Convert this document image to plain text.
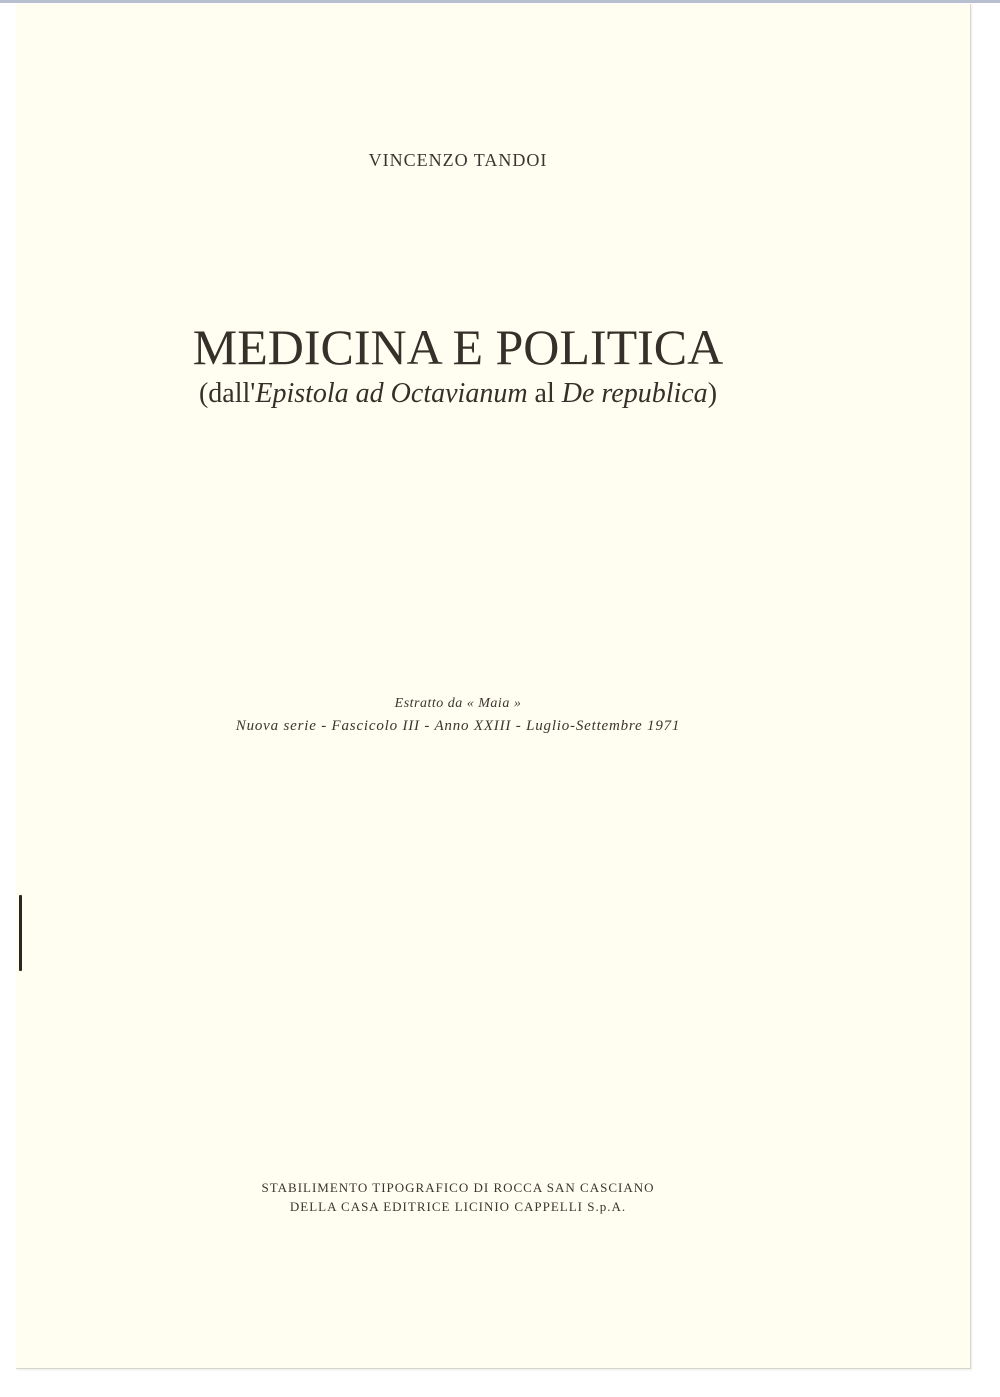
VINCENZO TANDOI
MEDICINA E POLITICA
(dall'Epistola ad Octavianum al De republica)
Estratto da « Maia »
Nuova serie - Fascicolo III - Anno XXIII - Luglio-Settembre 1971
STABILIMENTO TIPOGRAFICO DI ROCCA SAN CASCIANO
DELLA CASA EDITRICE LICINIO CAPPELLI S.p.A.
